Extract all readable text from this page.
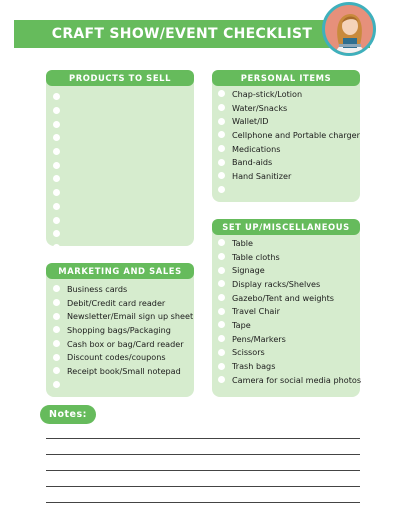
CRAFT SHOW/EVENT CHECKLIST
PRODUCTS TO SELL	PERSONAL ITEMS
Chap-stick/Lotion
Water/Snacks
Wallet/ID
Cellphone and Portable charger
Medications
Band-aids
Hand Sanitizer
MARKETING AND SALES
Business cards
Debit/Credit card reader
Newsletter/Email sign up sheet
Shopping bags/Packaging
Cash box or bag/Card reader
Discount codes/coupons
Receipt book/Small notepad
SET UP/MISCELLANEOUS
Table
Table cloths
Signage
Display racks/Shelves
Gazebo/Tent and weights
Travel Chair
Tape
Pens/Markers
Scissors
Trash bags
Camera for social media photos
Notes:
